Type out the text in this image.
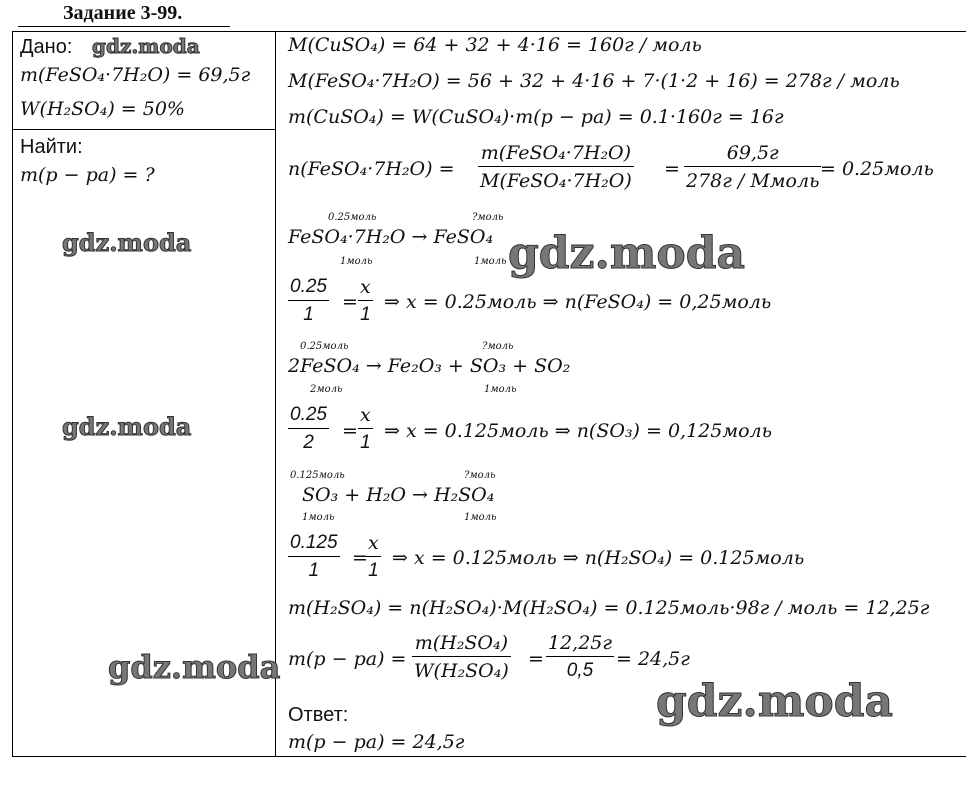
Задание 3-99.
Дано:
m(FeSO₄·7H₂O) = 69,5г
W(H₂SO₄) = 50%
Найти:
m(р − ра) = ?
M(CuSO₄) = 64 + 32 + 4·16 = 160г / моль
M(FeSO₄·7H₂O) = 56 + 32 + 4·16 + 7·(1·2 + 16) = 278г / моль
m(CuSO₄) = W(CuSO₄)·m(р − ра) = 0.1·160г = 16г
n(FeSO₄·7H₂O) =
m(FeSO₄·7H₂O)
M(FeSO₄·7H₂O)
=
69,5г
278г / Ммоль
= 0.25моль
0.25моль	?моль
FeSO₄·7H₂O → FeSO₄
1моль	1моль
0.25
1
=
x
1
⇒ x = 0.25моль ⇒ n(FeSO₄) = 0,25моль
0.25моль	?моль
2FeSO₄ → Fe₂O₃ + SO₃ + SO₂
2моль	1моль
0.25
2
=
x
1
⇒ x = 0.125моль ⇒ n(SO₃) = 0,125моль
0.125моль	?моль
SO₃ + H₂O → H₂SO₄
1моль	1моль
0.125
1
=
x
1
⇒ x = 0.125моль ⇒ n(H₂SO₄) = 0.125моль
m(H₂SO₄) = n(H₂SO₄)·M(H₂SO₄) = 0.125моль·98г / моль = 12,25г
m(р − ра) =
m(H₂SO₄)
W(H₂SO₄)
=
12,25г
0,5
= 24,5г
Ответ:
m(р − ра) = 24,5г
gdz.moda
gdz.moda
gdz.moda
gdz.moda
gdz.moda
gdz.moda
